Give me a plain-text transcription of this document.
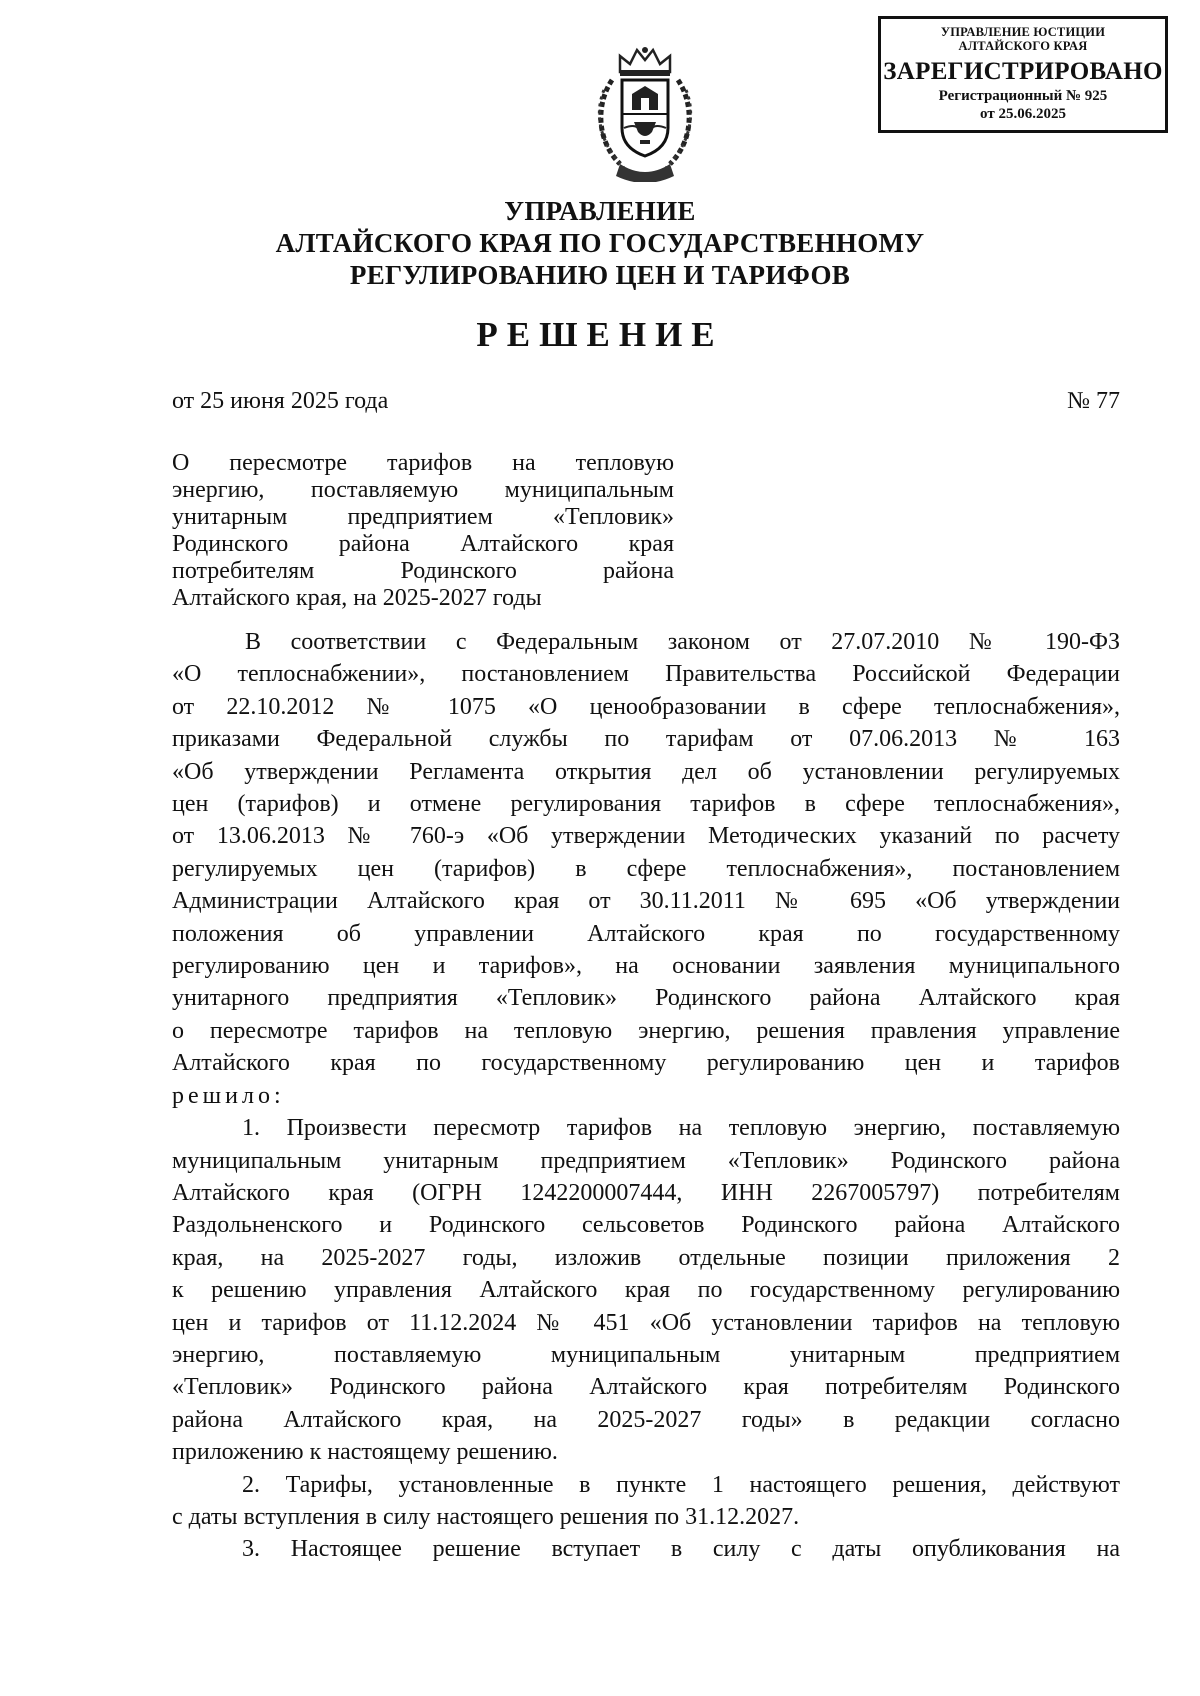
УПРАВЛЕНИЕ ЮСТИЦИИ
АЛТАЙСКОГО КРАЯ
ЗАРЕГИСТРИРОВАНО
Регистрационный № 925
от 25.06.2025
УПРАВЛЕНИЕ
АЛТАЙСКОГО КРАЯ ПО ГОСУДАРСТВЕННОМУ
РЕГУЛИРОВАНИЮ ЦЕН И ТАРИФОВ
РЕШЕНИЕ
от 25 июня 2025 года	№ 77
О пересмотре тарифов на тепловую
энергию, поставляемую муниципальным
унитарным предприятием «Тепловик»
Родинского района Алтайского края
потребителям Родинского района
Алтайского края, на 2025-2027 годы
В соответствии с Федеральным законом от 27.07.2010 № 190-ФЗ
«О теплоснабжении», постановлением Правительства Российской Федерации
от 22.10.2012 № 1075 «О ценообразовании в сфере теплоснабжения»,
приказами Федеральной службы по тарифам от 07.06.2013 № 163
«Об утверждении Регламента открытия дел об установлении регулируемых
цен (тарифов) и отмене регулирования тарифов в сфере теплоснабжения»,
от 13.06.2013 № 760-э «Об утверждении Методических указаний по расчету
регулируемых цен (тарифов) в сфере теплоснабжения», постановлением
Администрации Алтайского края от 30.11.2011 № 695 «Об утверждении
положения об управлении Алтайского края по государственному
регулированию цен и тарифов», на основании заявления муниципального
унитарного предприятия «Тепловик» Родинского района Алтайского края
о пересмотре тарифов на тепловую энергию, решения правления управление
Алтайского края по государственному регулированию цен и тарифов
решило:
1. Произвести пересмотр тарифов на тепловую энергию, поставляемую
муниципальным унитарным предприятием «Тепловик» Родинского района
Алтайского края (ОГРН 1242200007444, ИНН 2267005797) потребителям
Раздольненского и Родинского сельсоветов Родинского района Алтайского
края, на 2025-2027 годы, изложив отдельные позиции приложения 2
к решению управления Алтайского края по государственному регулированию
цен и тарифов от 11.12.2024 № 451 «Об установлении тарифов на тепловую
энергию, поставляемую муниципальным унитарным предприятием
«Тепловик» Родинского района Алтайского края потребителям Родинского
района Алтайского края, на 2025-2027 годы» в редакции согласно
приложению к настоящему решению.
2. Тарифы, установленные в пункте 1 настоящего решения, действуют
с даты вступления в силу настоящего решения по 31.12.2027.
3. Настоящее решение вступает в силу с даты опубликования на
